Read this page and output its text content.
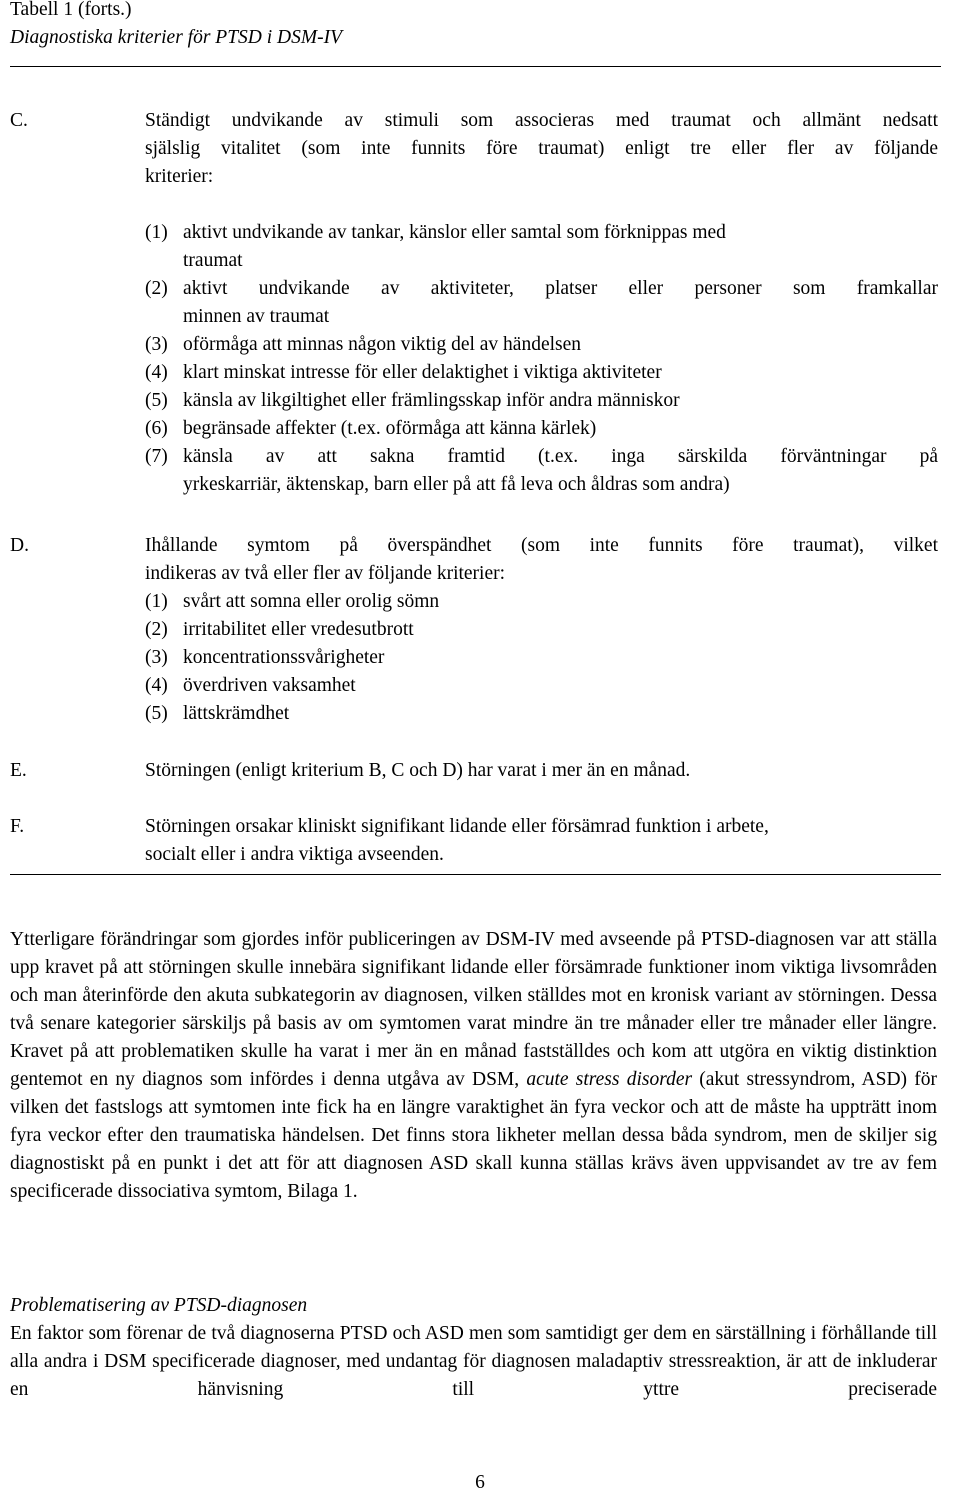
Tabell 1 (forts.)
Diagnostiska kriterier för PTSD i DSM-IV
C.	Ständigt undvikande av stimuli som associeras med traumat och allmänt nedsatt
själslig vitalitet (som inte funnits före traumat) enligt tre eller fler av följande
kriterier:
(1) aktivt undvikande av tankar, känslor eller samtal som förknippas med
traumat
(2) aktivt undvikande av aktiviteter, platser eller personer som framkallar
minnen av traumat
(3) oförmåga att minnas någon viktig del av händelsen
(4) klart minskat intresse för eller delaktighet i viktiga aktiviteter
(5) känsla av likgiltighet eller främlingsskap inför andra människor
(6) begränsade affekter (t.ex. oförmåga att känna kärlek)
(7) känsla av att sakna framtid (t.ex. inga särskilda förväntningar på
yrkeskarriär, äktenskap, barn eller på att få leva och åldras som andra)
D.	Ihållande symtom på överspändhet (som inte funnits före traumat), vilket
indikeras av två eller fler av följande kriterier:
(1) svårt att somna eller orolig sömn
(2) irritabilitet eller vredesutbrott
(3) koncentrationssvårigheter
(4) överdriven vaksamhet
(5) lättskrämdhet
E.	Störningen (enligt kriterium B, C och D) har varat i mer än en månad.
F.	Störningen orsakar kliniskt signifikant lidande eller försämrad funktion i arbete,
socialt eller i andra viktiga avseenden.
Ytterligare förändringar som gjordes inför publiceringen av DSM-IV med avseende på PTSD-diagnosen var att ställa upp kravet på att störningen skulle innebära signifikant lidande eller försämrade funktioner inom viktiga livsområden och man återinförde den akuta subkategorin av diagnosen, vilken ställdes mot en kronisk variant av störningen. Dessa två senare kategorier särskiljs på basis av om symtomen varat mindre än tre månader eller tre månader eller längre. Kravet på att problematiken skulle ha varat i mer än en månad fastställdes och kom att utgöra en viktig distinktion gentemot en ny diagnos som infördes i denna utgåva av DSM, acute stress disorder (akut stressyndrom, ASD) för vilken det fastslogs att symtomen inte fick ha en längre varaktighet än fyra veckor och att de måste ha uppträtt inom fyra veckor efter den traumatiska händelsen. Det finns stora likheter mellan dessa båda syndrom, men de skiljer sig diagnostiskt på en punkt i det att för att diagnosen ASD skall kunna ställas krävs även uppvisandet av tre av fem specificerade dissociativa symtom, Bilaga 1.
Problematisering av PTSD-diagnosen
En faktor som förenar de två diagnoserna PTSD och ASD men som samtidigt ger dem en särställning i förhållande till alla andra i DSM specificerade diagnoser, med undantag för diagnosen maladaptiv stressreaktion, är att de inkluderar en hänvisning till yttre preciserade
6
